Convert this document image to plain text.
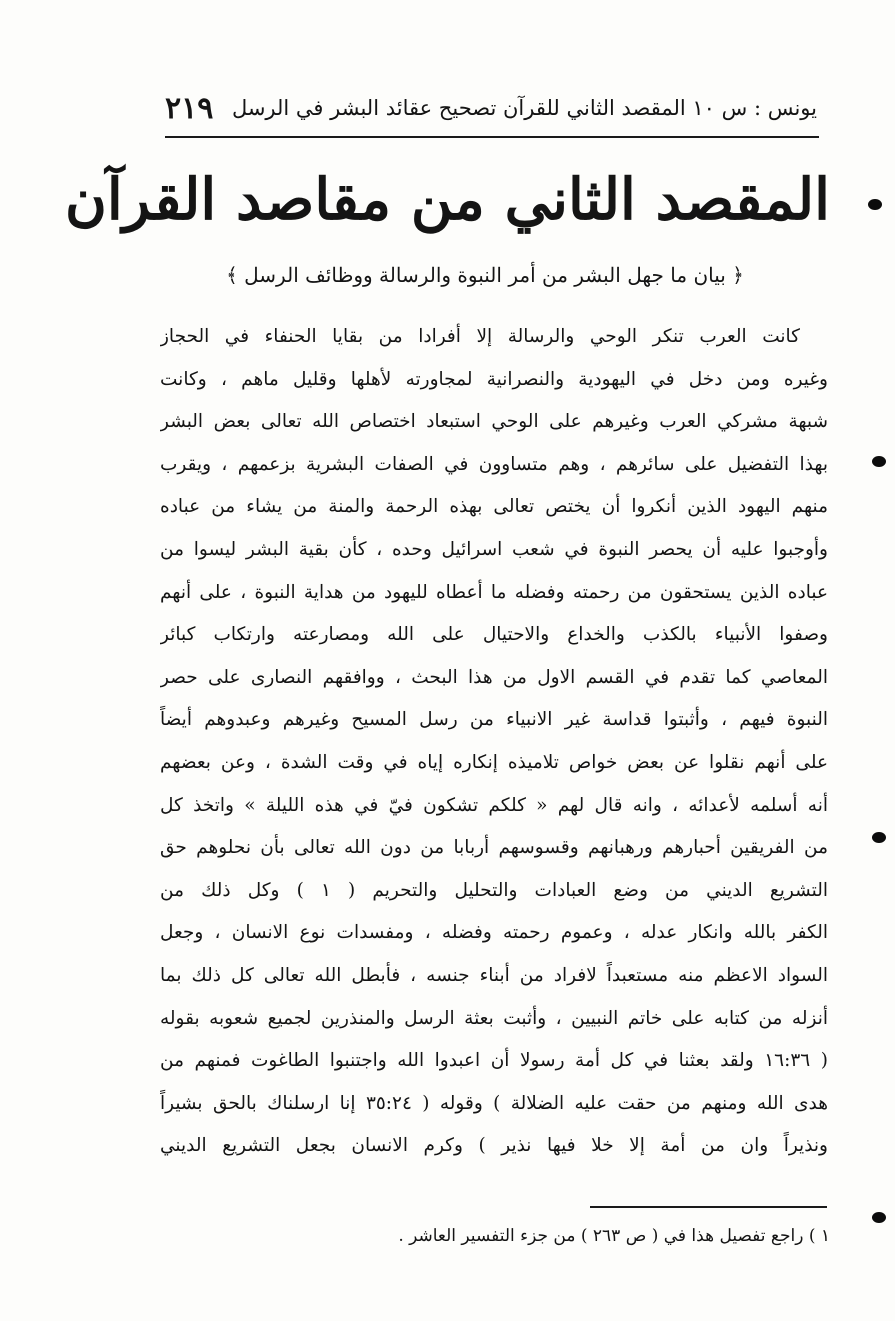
يونس : س ١٠ المقصد الثاني للقرآن تصحيح عقائد البشر في الرسل
٢١٩
المقصد الثاني من مقاصد القرآن
﴿ بيان ما جهل البشر من أمر النبوة والرسالة ووظائف الرسل ﴾
كانت العرب تنكر الوحي والرسالة إلا أفرادا من بقايا الحنفاء في الحجاز
وغيره ومن دخل في اليهودية والنصرانية لمجاورته لأهلها وقليل ماهم ، وكانت
شبهة مشركي العرب وغيرهم على الوحي استبعاد اختصاص الله تعالى بعض البشر
بهذا التفضيل على سائرهم ، وهم متساوون في الصفات البشرية بزعمهم ، ويقرب
منهم اليهود الذين أنكروا أن يختص تعالى بهذه الرحمة والمنة من يشاء من عباده
وأوجبوا عليه أن يحصر النبوة في شعب اسرائيل وحده ، كأن بقية البشر ليسوا من
عباده الذين يستحقون من رحمته وفضله ما أعطاه لليهود من هداية النبوة ، على أنهم
وصفوا الأنبياء بالكذب والخداع والاحتيال على الله ومصارعته وارتكاب كبائر
المعاصي كما تقدم في القسم الاول من هذا البحث ، ووافقهم النصارى على حصر
النبوة فيهم ، وأثبتوا قداسة غير الانبياء من رسل المسيح وغيرهم وعبدوهم أيضاً
على أنهم نقلوا عن بعض خواص تلاميذه إنكاره إياه في وقت الشدة ، وعن بعضهم
أنه أسلمه لأعدائه ، وانه قال لهم « كلكم تشكون فيّ في هذه الليلة » واتخذ كل
من الفريقين أحبارهم ورهبانهم وقسوسهم أربابا من دون الله تعالى بأن نحلوهم حق
التشريع الديني من وضع العبادات والتحليل والتحريم ( ١ ) وكل ذلك من
الكفر بالله وانكار عدله ، وعموم رحمته وفضله ، ومفسدات نوع الانسان ، وجعل
السواد الاعظم منه مستعبداً لافراد من أبناء جنسه ، فأبطل الله تعالى كل ذلك بما
أنزله من كتابه على خاتم النبيين ، وأثبت بعثة الرسل والمنذرين لجميع شعوبه بقوله
( ١٦:٣٦ ولقد بعثنا في كل أمة رسولا أن اعبدوا الله واجتنبوا الطاغوت فمنهم من
هدى الله ومنهم من حقت عليه الضلالة ) وقوله ( ٣٥:٢٤ إنا ارسلناك بالحق بشيراً
ونذيراً وان من أمة إلا خلا فيها نذير ) وكرم الانسان بجعل التشريع الديني
١ ) راجع تفصيل هذا في ( ص ٢٦٣ ) من جزء التفسير العاشر .
